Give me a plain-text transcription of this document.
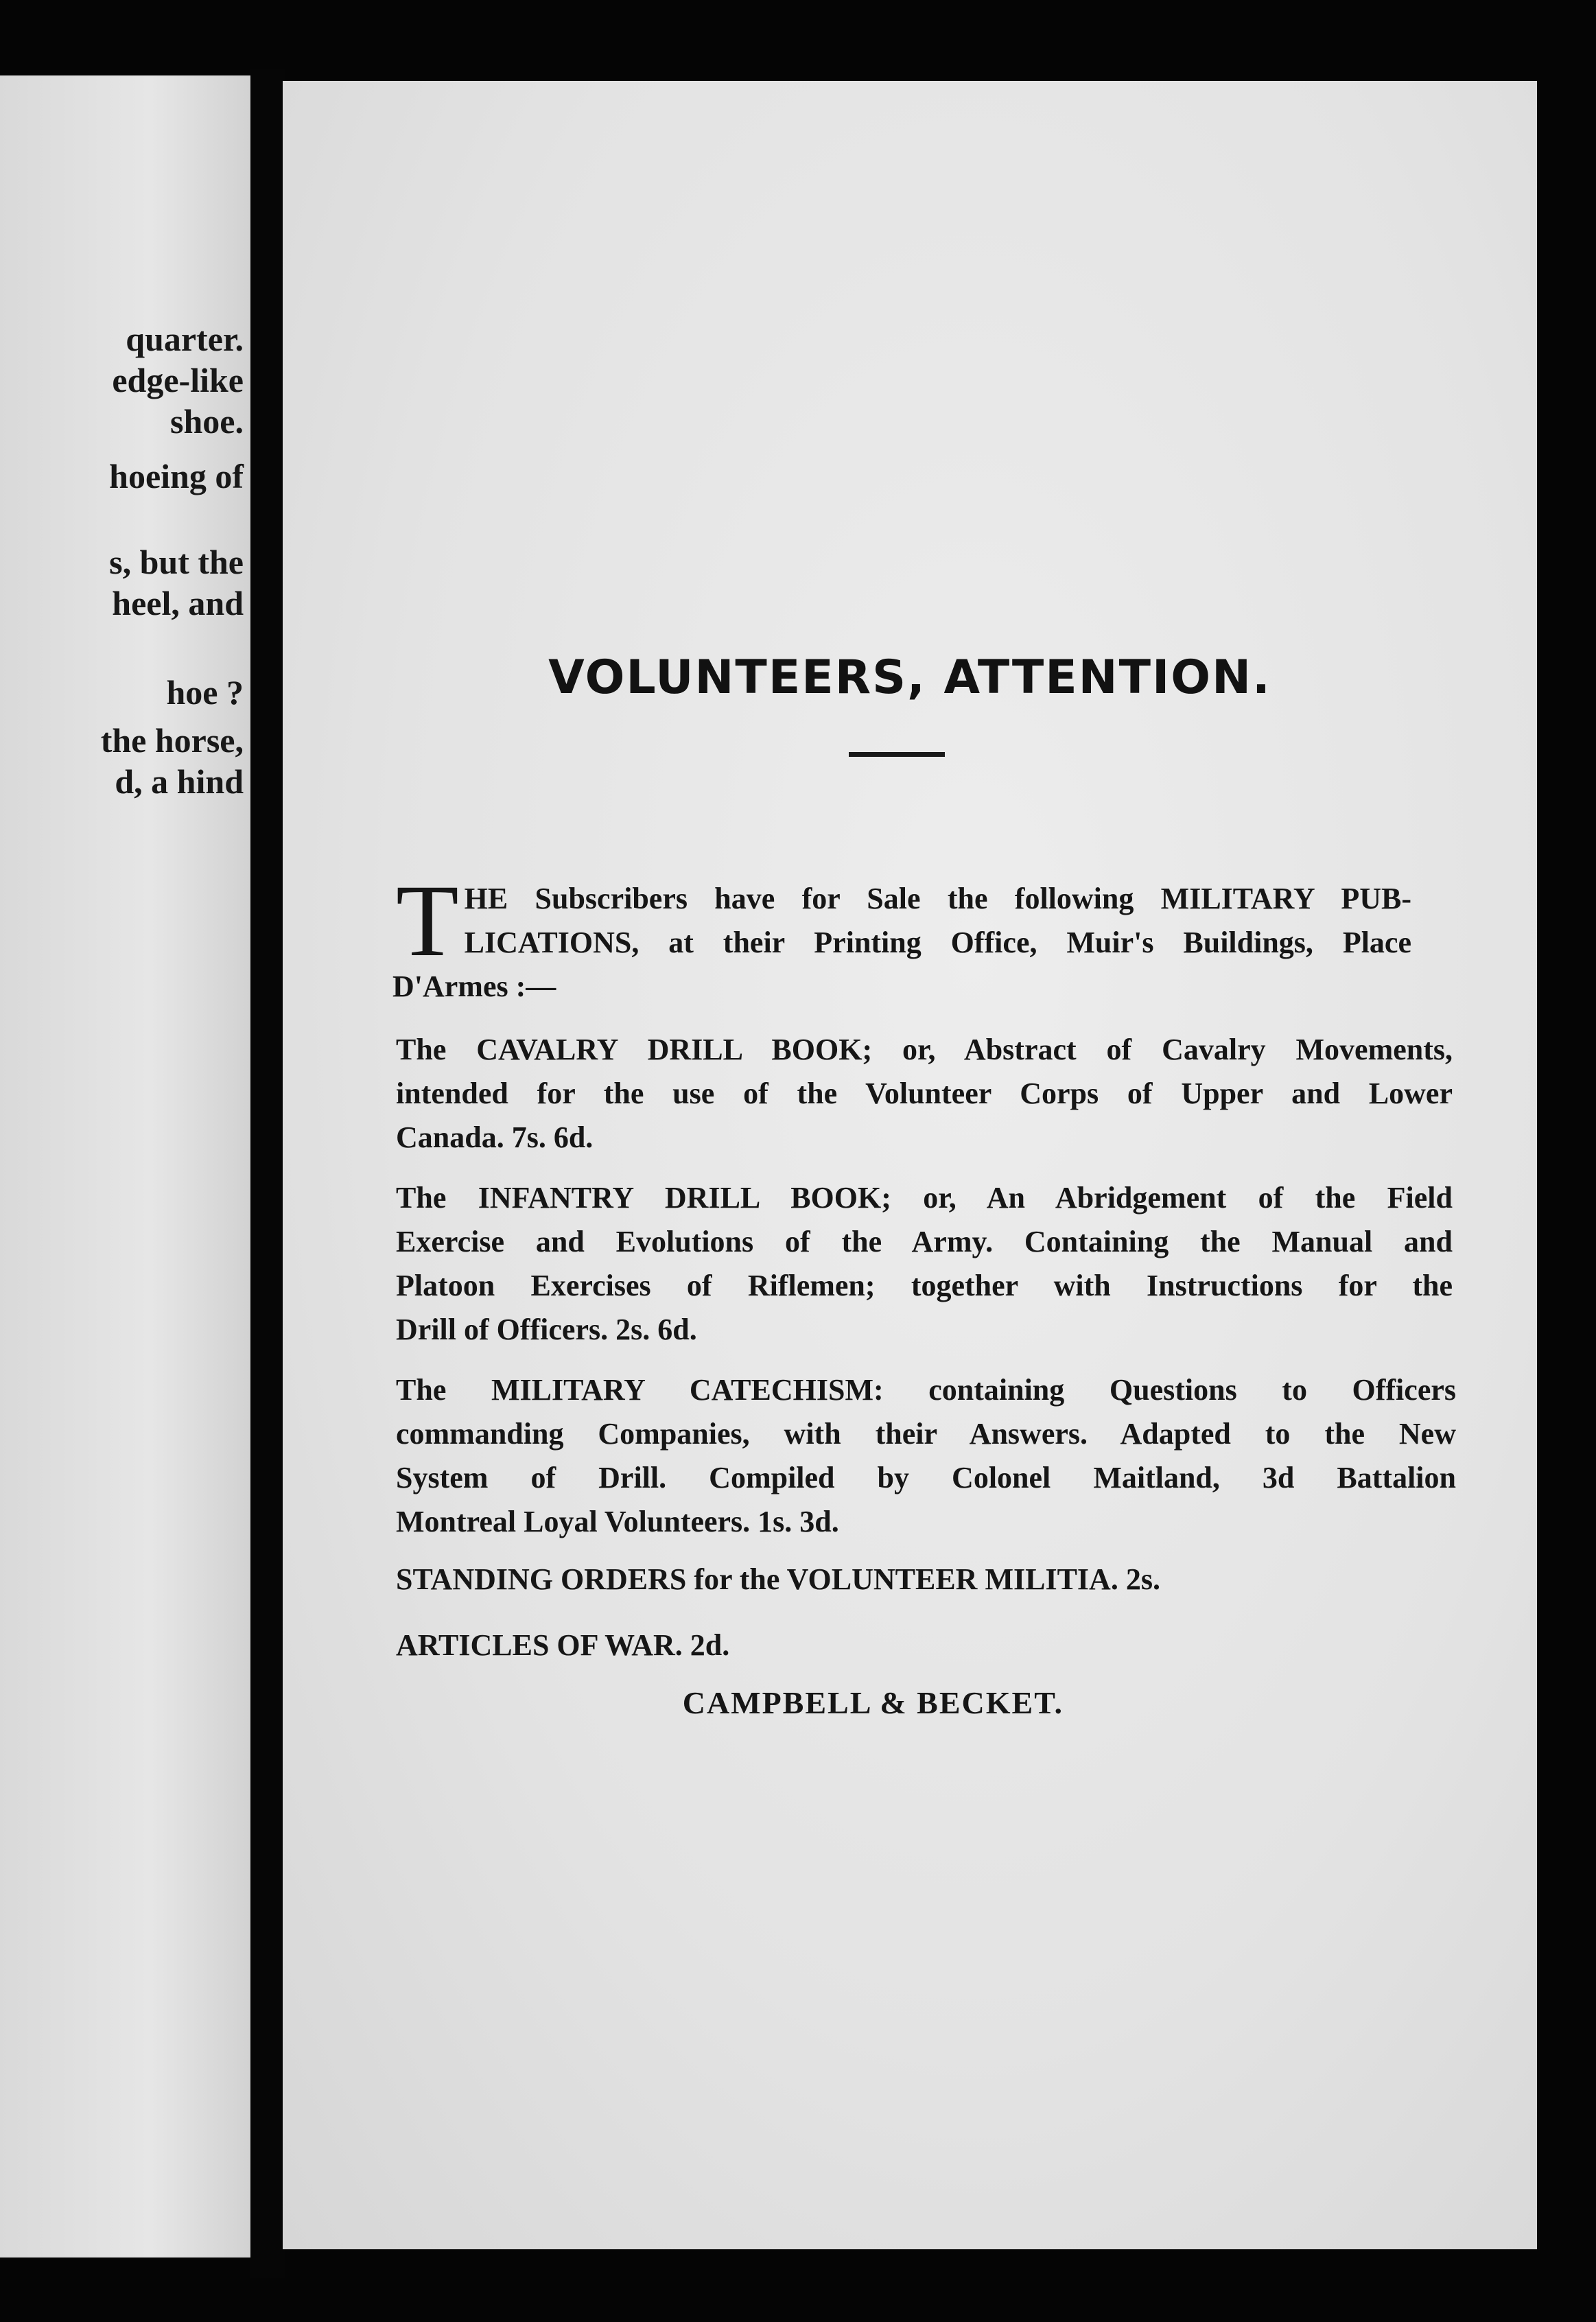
quarter.
edge-like
shoe.
hoeing of
s, but the
heel, and
hoe ?
the horse,
d, a hind
VOLUNTEERS, ATTENTION.
T HE Subscribers have for Sale the following MILITARY PUB-
LICATIONS, at their Printing Office, Muir's Buildings, Place
D'Armes :—
The CAVALRY DRILL BOOK; or, Abstract of Cavalry Movements,
intended for the use of the Volunteer Corps of Upper and Lower
Canada. 7s. 6d.
The INFANTRY DRILL BOOK; or, An Abridgement of the Field
Exercise and Evolutions of the Army. Containing the Manual and
Platoon Exercises of Riflemen; together with Instructions for the
Drill of Officers. 2s. 6d.
The MILITARY CATECHISM: containing Questions to Officers
commanding Companies, with their Answers. Adapted to the New
System of Drill. Compiled by Colonel Maitland, 3d Battalion
Montreal Loyal Volunteers. 1s. 3d.
STANDING ORDERS for the VOLUNTEER MILITIA. 2s.
ARTICLES OF WAR. 2d.
CAMPBELL & BECKET.
